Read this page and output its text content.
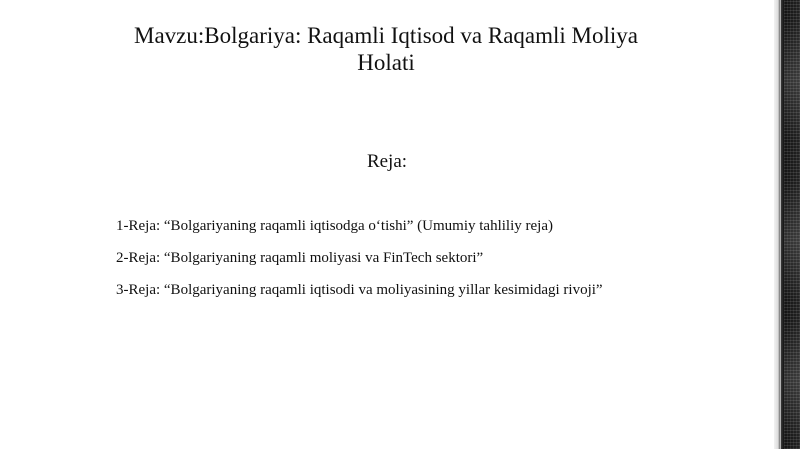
Mavzu:Bolgariya: Raqamli Iqtisod va Raqamli Moliya
Holati
Reja:
1-Reja: “Bolgariyaning raqamli iqtisodga o‘tishi” (Umumiy tahliliy reja)
2-Reja: “Bolgariyaning raqamli moliyasi va FinTech sektori”
3-Reja: “Bolgariyaning raqamli iqtisodi va moliyasining yillar kesimidagi rivoji”
